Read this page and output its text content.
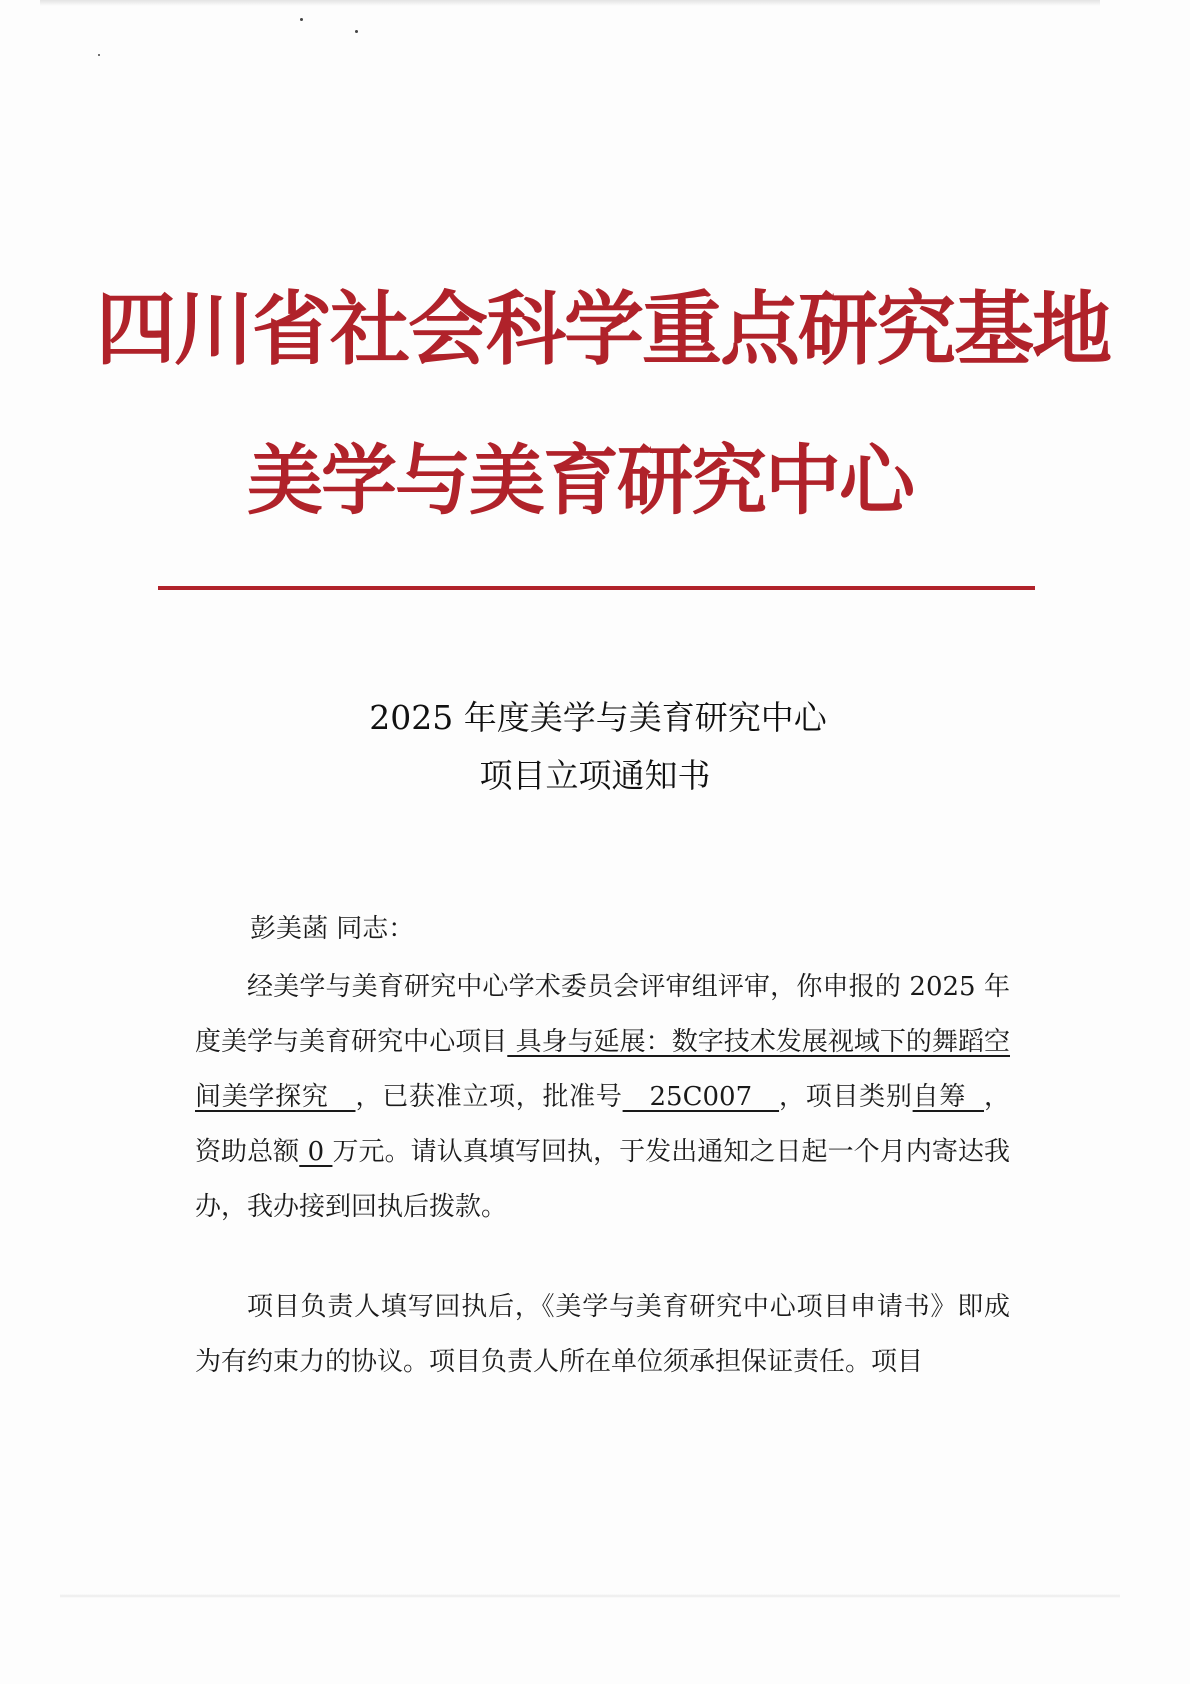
四川省社会科学重点研究基地
美学与美育研究中心
2025 年度美学与美育研究中心
项目立项通知书
彭美菡 同志：
经美学与美育研究中心学术委员会评审组评审，你申报的 2025 年度美学与美育研究中心项目 具身与延展：数字技术发展视域下的舞蹈空间美学探究   ，已获准立项，批准号   25C007   ，项目类别自筹  ， 资助总额 0 万元。请认真填写回执，于发出通知之日起一个月内寄达我办，我办接到回执后拨款。
项目负责人填写回执后，《美学与美育研究中心项目申请书》即成为有约束力的协议。项目负责人所在单位须承担保证责任。项目
